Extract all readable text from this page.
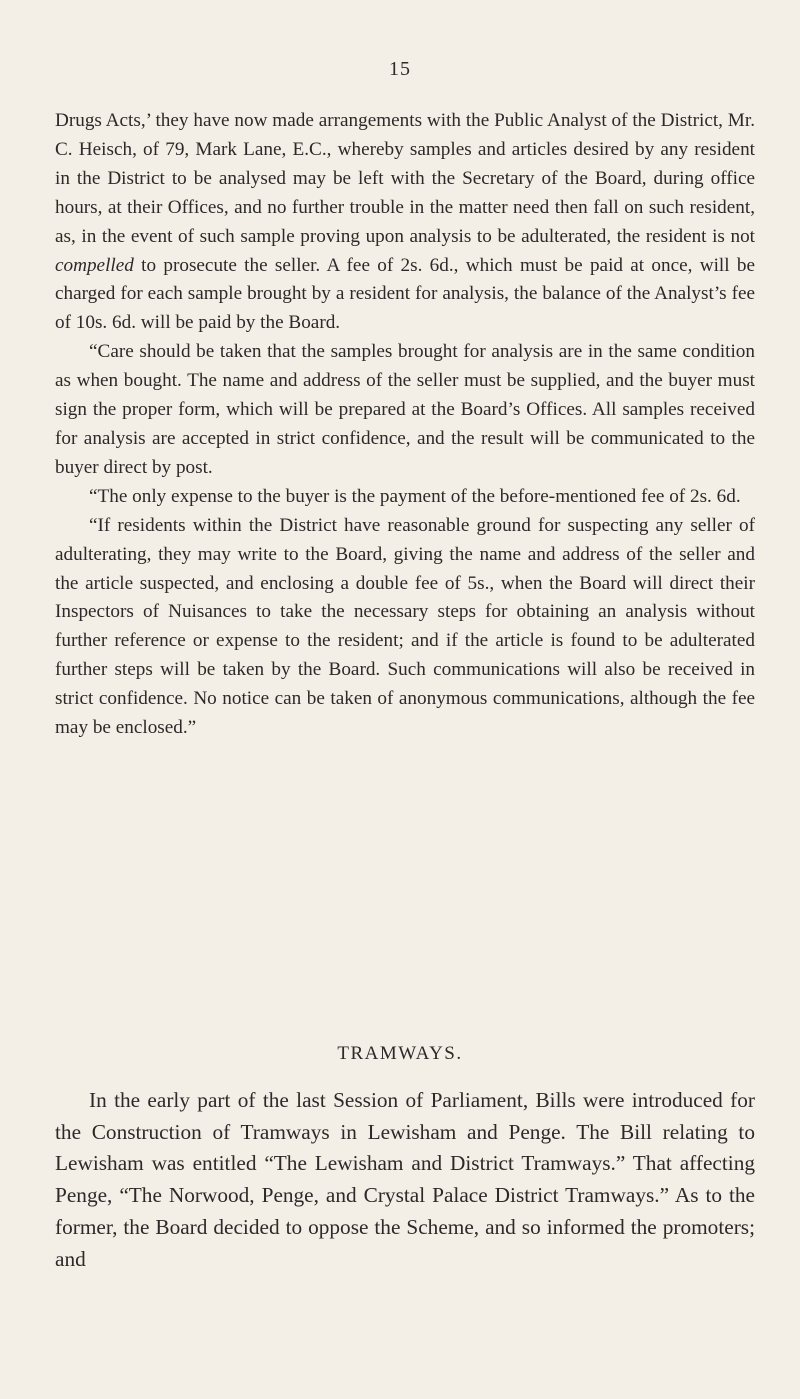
15

Drugs Acts,’ they have now made arrangements with the Public Analyst of the District, Mr. C. Heisch, of 79, Mark Lane, E.C., whereby samples and articles desired by any resident in the District to be analysed may be left with the Secretary of the Board, during office hours, at their Offices, and no further trouble in the matter need then fall on such resident, as, in the event of such sample proving upon analysis to be adulterated, the resident is not compelled to prosecute the seller. A fee of 2s. 6d., which must be paid at once, will be charged for each sample brought by a resident for analysis, the balance of the Analyst’s fee of 10s. 6d. will be paid by the Board.

“Care should be taken that the samples brought for analysis are in the same condition as when bought. The name and address of the seller must be supplied, and the buyer must sign the proper form, which will be prepared at the Board’s Offices. All samples received for analysis are accepted in strict confidence, and the result will be communicated to the buyer direct by post.

“The only expense to the buyer is the payment of the before-mentioned fee of 2s. 6d.

“If residents within the District have reasonable ground for suspecting any seller of adulterating, they may write to the Board, giving the name and address of the seller and the article suspected, and enclosing a double fee of 5s., when the Board will direct their Inspectors of Nuisances to take the necessary steps for obtaining an analysis without further reference or expense to the resident; and if the article is found to be adulterated further steps will be taken by the Board. Such communications will also be received in strict confidence. No notice can be taken of anonymous communications, although the fee may be enclosed.”

TRAMWAYS.

In the early part of the last Session of Parliament, Bills were introduced for the Construction of Tramways in Lewisham and Penge. The Bill relating to Lewisham was entitled “The Lewisham and District Tramways.” That affecting Penge, “The Norwood, Penge, and Crystal Palace District Tramways.” As to the former, the Board decided to oppose the Scheme, and so informed the promoters; and
